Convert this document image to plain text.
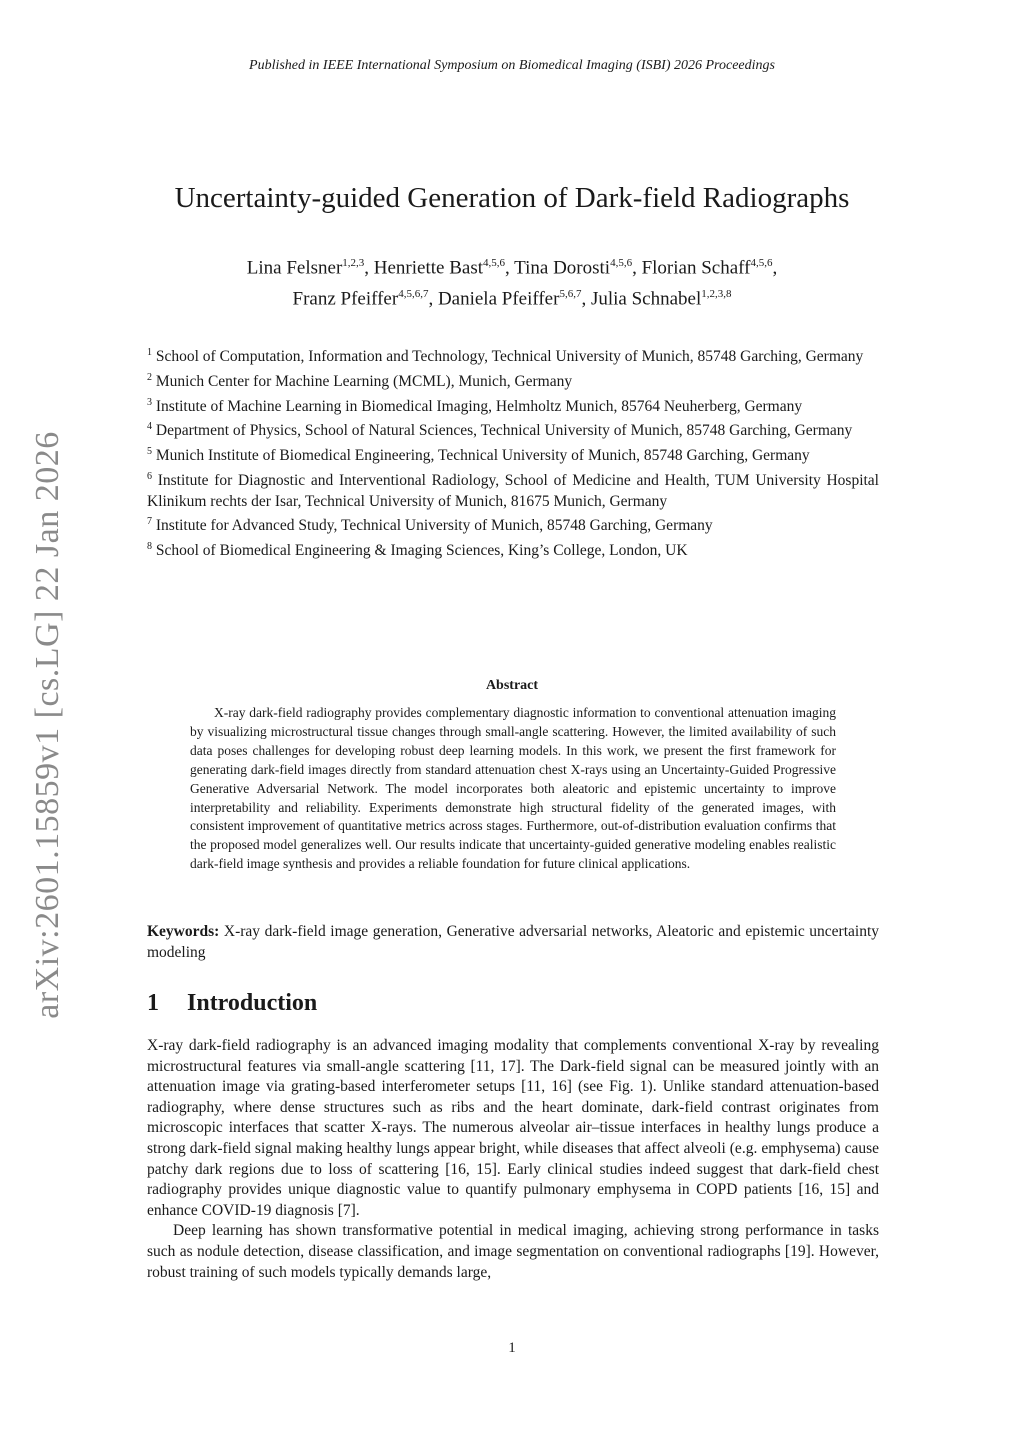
arXiv:2601.15859v1 [cs.LG] 22 Jan 2026
Published in IEEE International Symposium on Biomedical Imaging (ISBI) 2026 Proceedings
Uncertainty-guided Generation of Dark-field Radiographs
Lina Felsner$^{1,2,3}$, Henriette Bast$^{4,5,6}$, Tina Dorosti$^{4,5,6}$, Florian Schaff$^{4,5,6}$,
Franz Pfeiffer$^{4,5,6,7}$, Daniela Pfeiffer$^{5,6,7}$, Julia Schnabel$^{1,2,3,8}$

$^1$ School of Computation, Information and Technology, Technical University of Munich, 85748 Garching, Germany

$^2$ Munich Center for Machine Learning (MCML), Munich, Germany

$^3$ Institute of Machine Learning in Biomedical Imaging, Helmholtz Munich, 85764 Neuherberg, Germany

$^4$ Department of Physics, School of Natural Sciences, Technical University of Munich, 85748 Garching, Germany

$^5$ Munich Institute of Biomedical Engineering, Technical University of Munich, 85748 Garching, Germany

$^6$ Institute for Diagnostic and Interventional Radiology, School of Medicine and Health, TUM University Hospital Klinikum rechts der Isar, Technical University of Munich, 81675 Munich, Germany

$^7$ Institute for Advanced Study, Technical University of Munich, 85748 Garching, Germany

$^8$ School of Biomedical Engineering & Imaging Sciences, King’s College, London, UK

Abstract
X-ray dark-field radiography provides complementary diagnostic information to conventional attenuation imaging by visualizing microstructural tissue changes through small-angle scattering. However, the limited availability of such data poses challenges for developing robust deep learning models. In this work, we present the first framework for generating dark-field images directly from standard attenuation chest X-rays using an Uncertainty-Guided Progressive Generative Adversarial Network. The model incorporates both aleatoric and epistemic uncertainty to improve interpretability and reliability. Experiments demonstrate high structural fidelity of the generated images, with consistent improvement of quantitative metrics across stages. Furthermore, out-of-distribution evaluation confirms that the proposed model generalizes well. Our results indicate that uncertainty-guided generative modeling enables realistic dark-field image synthesis and provides a reliable foundation for future clinical applications.
Keywords: X-ray dark-field image generation, Generative adversarial networks, Aleatoric and epistemic uncertainty modeling
1 Introduction

X-ray dark-field radiography is an advanced imaging modality that complements conventional X-ray by revealing microstructural features via small-angle scattering [11, 17]. The Dark-field signal can be measured jointly with an attenuation image via grating-based interferometer setups [11, 16] (see Fig. 1). Unlike standard attenuation-based radiography, where dense structures such as ribs and the heart dominate, dark-field contrast originates from microscopic interfaces that scatter X-rays. The numerous alveolar air–tissue interfaces in healthy lungs produce a strong dark-field signal making healthy lungs appear bright, while diseases that affect alveoli (e.g. emphysema) cause patchy dark regions due to loss of scattering [16, 15]. Early clinical studies indeed suggest that dark-field chest radiography provides unique diagnostic value to quantify pulmonary emphysema in COPD patients [16, 15] and enhance COVID-19 diagnosis [7].

Deep learning has shown transformative potential in medical imaging, achieving strong performance in tasks such as nodule detection, disease classification, and image segmentation on conventional radiographs [19]. However, robust training of such models typically demands large,

1
